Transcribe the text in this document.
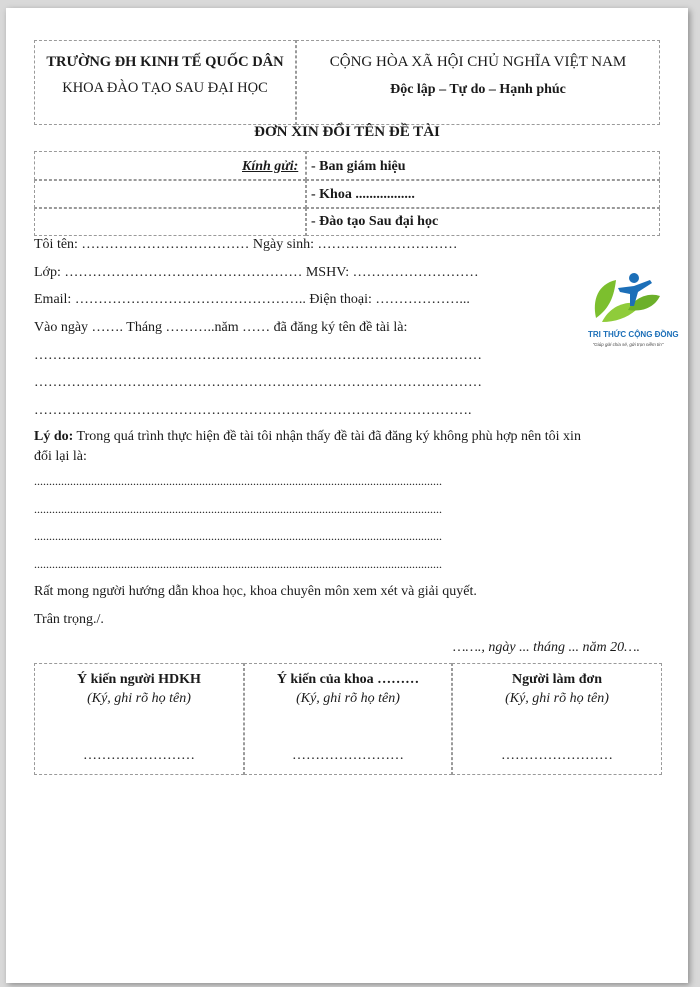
TRƯỜNG ĐH KINH TẾ QUỐC DÂN
KHOA ĐÀO TẠO SAU ĐẠI HỌC
CỘNG HÒA XÃ HỘI CHỦ NGHĨA VIỆT NAM
Độc lập – Tự do – Hạnh phúc
ĐƠN XIN ĐỔI TÊN ĐỀ TÀI
Kính gửi: - Ban giám hiệu
- Khoa .................
- Đào tạo Sau đại học
Tôi tên: ……………………………… Ngày sinh: …………………………
Lớp: …………………………………………… MSHV: ………………………
Email: ………………………………………….. Điện thoại: ………………...
Vào ngày ……. Tháng ………..năm …… đã đăng ký tên đề tài là:
……………………………………………………………………………………
……………………………………………………………………………………
………………………………………………………………………………….
Lý do: Trong quá trình thực hiện đề tài tôi nhận thấy đề tài đã đăng ký không phù hợp nên tôi xin
đổi lại là:
........................................................................................................................................
........................................................................................................................................
........................................................................................................................................
........................................................................................................................................
Rất mong người hướng dẫn khoa học, khoa chuyên môn xem xét và giải quyết.
Trân trọng./.
……., ngày ... tháng ... năm 20….
Ý kiến người HDKH
(Ký, ghi rõ họ tên)
……………………
Ý kiến của khoa ………
(Ký, ghi rõ họ tên)
……………………
Người làm đơn
(Ký, ghi rõ họ tên)
……………………
TRI THỨC CỘNG ĐỒNG
"Giúp gửi chia sẻ, gửi trọn niềm tin"
